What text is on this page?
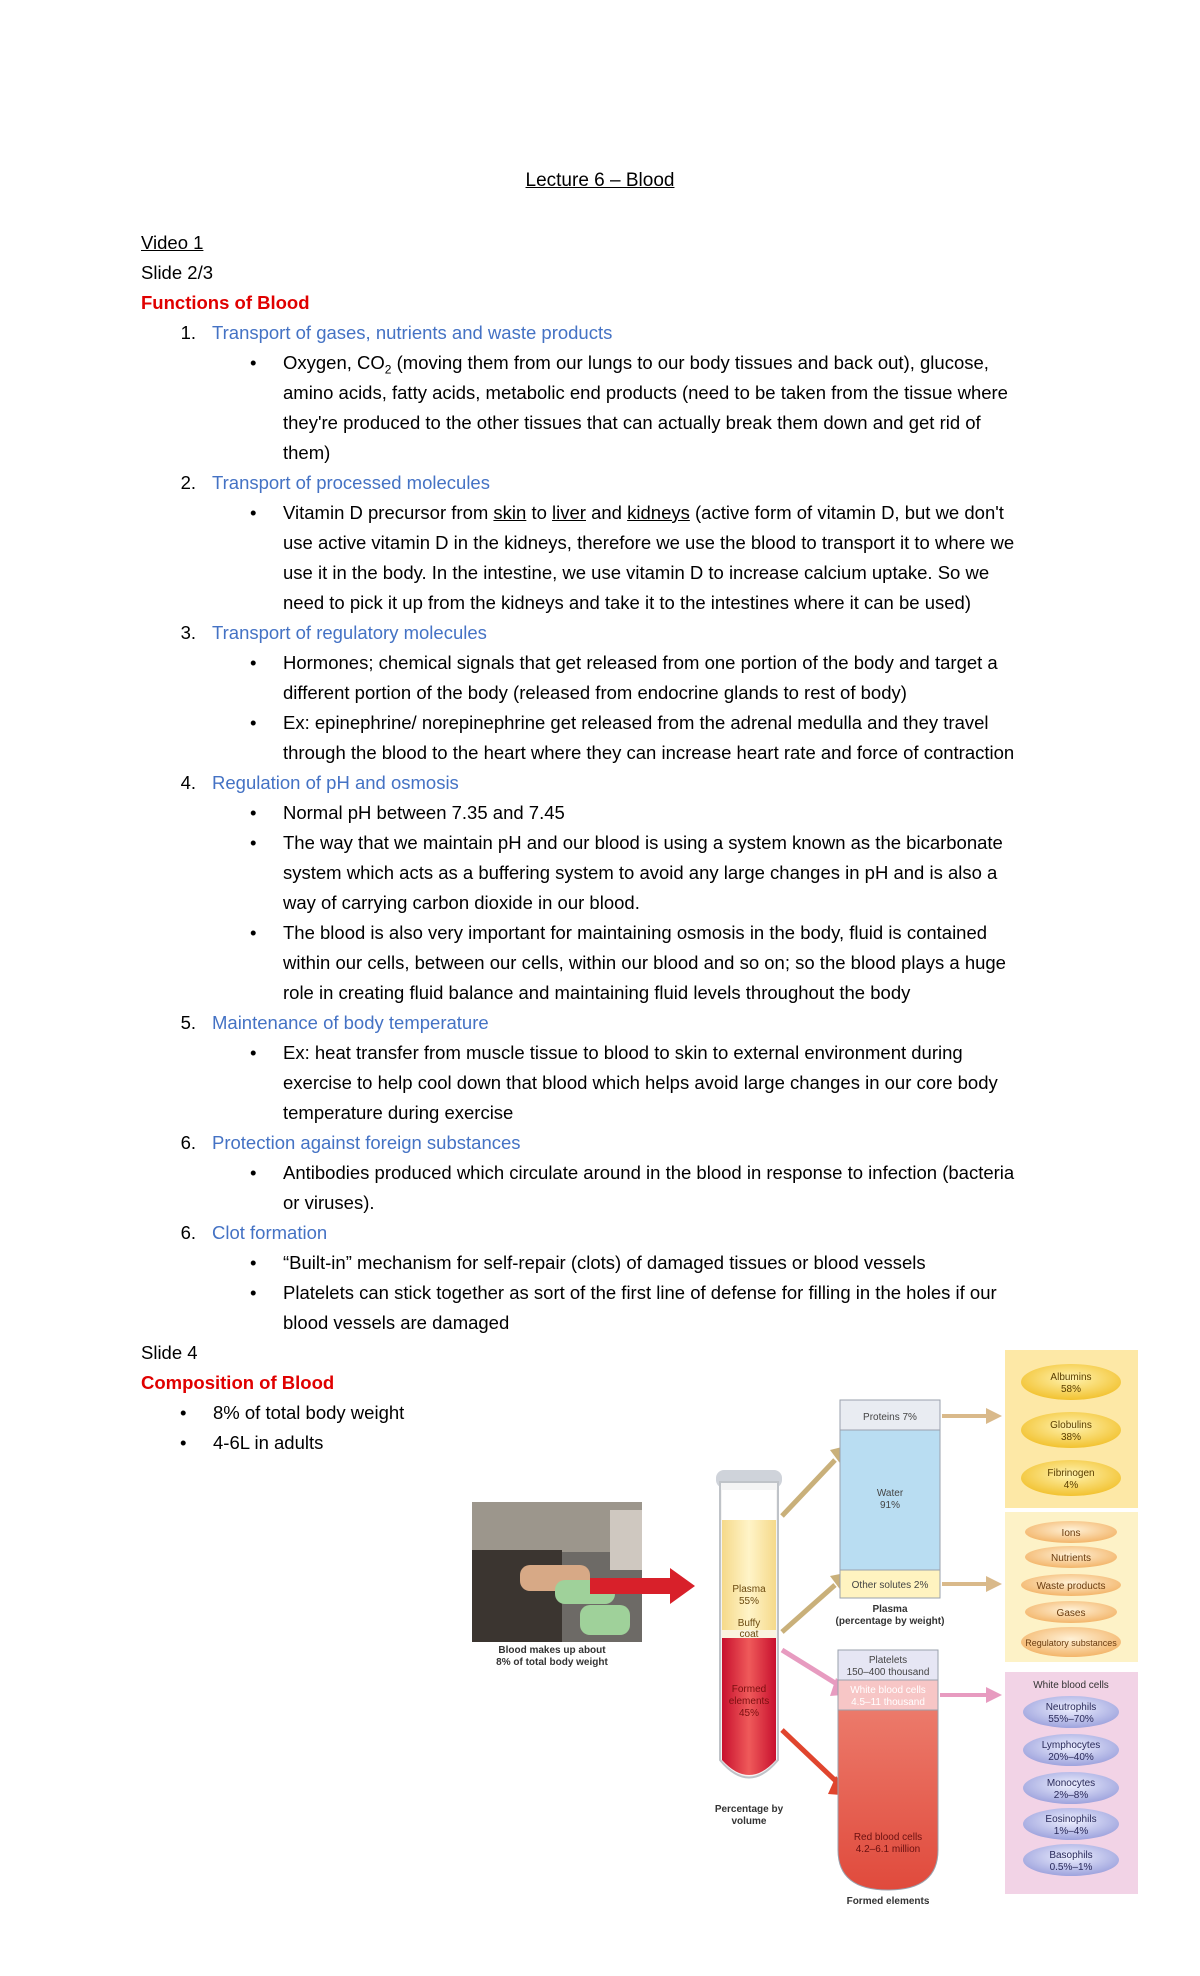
Lecture 6 – Blood
Video 1
Slide 2/3
Functions of Blood
1. Transport of gases, nutrients and waste products
• Oxygen, $CO_2$ (moving them from our lungs to our body tissues and back out), glucose,
amino acids, fatty acids, metabolic end products (need to be taken from the tissue where
they're produced to the other tissues that can actually break them down and get rid of
them)
2. Transport of processed molecules
• Vitamin D precursor from skin to liver and kidneys (active form of vitamin D, but we don't
use active vitamin D in the kidneys, therefore we use the blood to transport it to where we
use it in the body. In the intestine, we use vitamin D to increase calcium uptake. So we
need to pick it up from the kidneys and take it to the intestines where it can be used)
3. Transport of regulatory molecules
• Hormones; chemical signals that get released from one portion of the body and target a
different portion of the body (released from endocrine glands to rest of body)
• Ex: epinephrine/ norepinephrine get released from the adrenal medulla and they travel
through the blood to the heart where they can increase heart rate and force of contraction
4. Regulation of pH and osmosis
• Normal pH between 7.35 and 7.45
• The way that we maintain pH and our blood is using a system known as the bicarbonate
system which acts as a buffering system to avoid any large changes in pH and is also a
way of carrying carbon dioxide in our blood.
• The blood is also very important for maintaining osmosis in the body, fluid is contained
within our cells, between our cells, within our blood and so on; so the blood plays a huge
role in creating fluid balance and maintaining fluid levels throughout the body
5. Maintenance of body temperature
• Ex: heat transfer from muscle tissue to blood to skin to external environment during
exercise to help cool down that blood which helps avoid large changes in our core body
temperature during exercise
6. Protection against foreign substances
• Antibodies produced which circulate around in the blood in response to infection (bacteria
or viruses).
6. Clot formation
• “Built-in” mechanism for self-repair (clots) of damaged tissues or blood vessels
• Platelets can stick together as sort of the first line of defense for filling in the holes if our
blood vessels are damaged
Slide 4
Composition of Blood
• 8% of total body weight
• 4-6L in adults
Blood makes up about
8% of total body weight
Plasma
55%
Buffy
coat
Formed
elements
45%
Percentage by
volume
Proteins 7%
Water
91%
Other solutes 2%
Plasma
(percentage by weight)
Platelets
150–400 thousand
White blood cells
4.5–11 thousand
Red blood cells
4.2–6.1 million
Formed elements
Albumins
58%
Globulins
38%
Fibrinogen
4%
Ions
Nutrients
Waste products
Gases
Regulatory substances
White blood cells
Neutrophils
55%–70%
Lymphocytes
20%–40%
Monocytes
2%–8%
Eosinophils
1%–4%
Basophils
0.5%–1%
